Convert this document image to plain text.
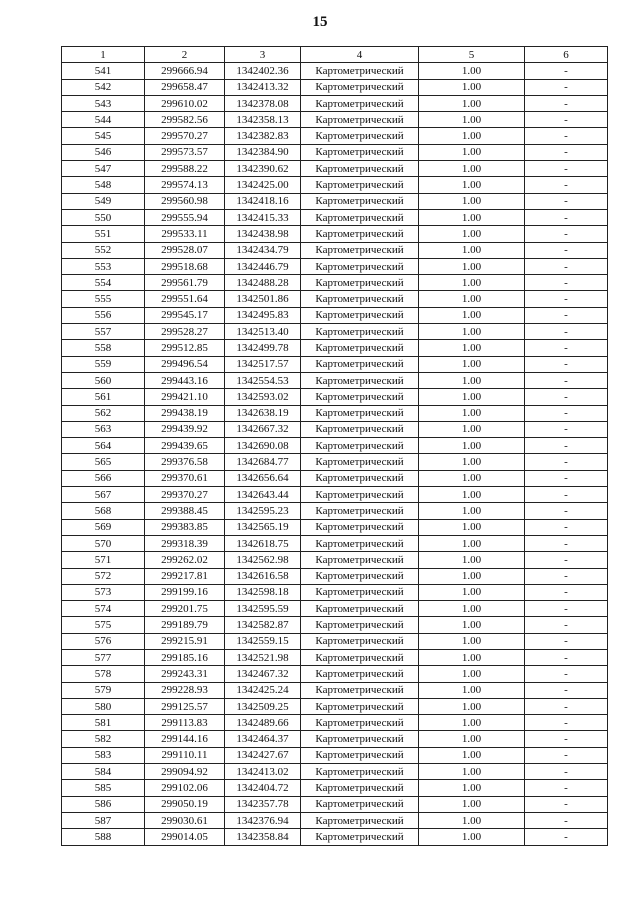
15
1	2	3	4	5	6
541	299666.94	1342402.36	Картометрический	1.00	-
542	299658.47	1342413.32	Картометрический	1.00	-
543	299610.02	1342378.08	Картометрический	1.00	-
544	299582.56	1342358.13	Картометрический	1.00	-
545	299570.27	1342382.83	Картометрический	1.00	-
546	299573.57	1342384.90	Картометрический	1.00	-
547	299588.22	1342390.62	Картометрический	1.00	-
548	299574.13	1342425.00	Картометрический	1.00	-
549	299560.98	1342418.16	Картометрический	1.00	-
550	299555.94	1342415.33	Картометрический	1.00	-
551	299533.11	1342438.98	Картометрический	1.00	-
552	299528.07	1342434.79	Картометрический	1.00	-
553	299518.68	1342446.79	Картометрический	1.00	-
554	299561.79	1342488.28	Картометрический	1.00	-
555	299551.64	1342501.86	Картометрический	1.00	-
556	299545.17	1342495.83	Картометрический	1.00	-
557	299528.27	1342513.40	Картометрический	1.00	-
558	299512.85	1342499.78	Картометрический	1.00	-
559	299496.54	1342517.57	Картометрический	1.00	-
560	299443.16	1342554.53	Картометрический	1.00	-
561	299421.10	1342593.02	Картометрический	1.00	-
562	299438.19	1342638.19	Картометрический	1.00	-
563	299439.92	1342667.32	Картометрический	1.00	-
564	299439.65	1342690.08	Картометрический	1.00	-
565	299376.58	1342684.77	Картометрический	1.00	-
566	299370.61	1342656.64	Картометрический	1.00	-
567	299370.27	1342643.44	Картометрический	1.00	-
568	299388.45	1342595.23	Картометрический	1.00	-
569	299383.85	1342565.19	Картометрический	1.00	-
570	299318.39	1342618.75	Картометрический	1.00	-
571	299262.02	1342562.98	Картометрический	1.00	-
572	299217.81	1342616.58	Картометрический	1.00	-
573	299199.16	1342598.18	Картометрический	1.00	-
574	299201.75	1342595.59	Картометрический	1.00	-
575	299189.79	1342582.87	Картометрический	1.00	-
576	299215.91	1342559.15	Картометрический	1.00	-
577	299185.16	1342521.98	Картометрический	1.00	-
578	299243.31	1342467.32	Картометрический	1.00	-
579	299228.93	1342425.24	Картометрический	1.00	-
580	299125.57	1342509.25	Картометрический	1.00	-
581	299113.83	1342489.66	Картометрический	1.00	-
582	299144.16	1342464.37	Картометрический	1.00	-
583	299110.11	1342427.67	Картометрический	1.00	-
584	299094.92	1342413.02	Картометрический	1.00	-
585	299102.06	1342404.72	Картометрический	1.00	-
586	299050.19	1342357.78	Картометрический	1.00	-
587	299030.61	1342376.94	Картометрический	1.00	-
588	299014.05	1342358.84	Картометрический	1.00	-
